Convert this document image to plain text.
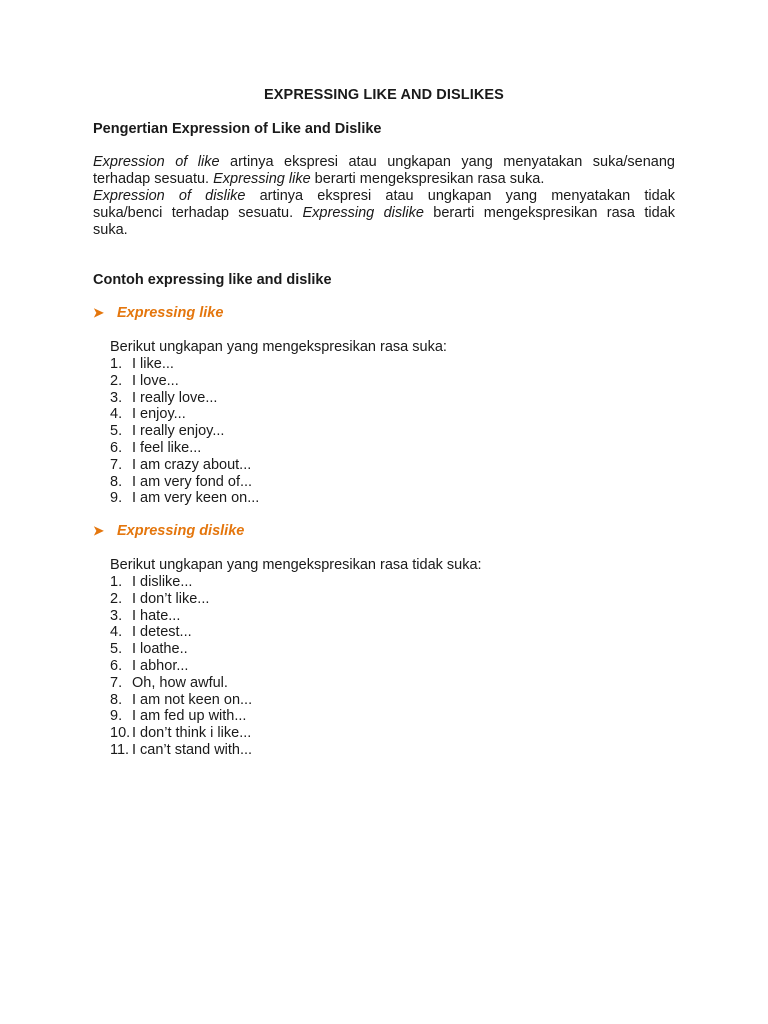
EXPRESSING LIKE AND DISLIKES
Pengertian Expression of Like and Dislike
Expression of like artinya ekspresi atau ungkapan yang menyatakan suka/senang
terhadap sesuatu. Expressing like berarti mengekspresikan rasa suka.
Expression of dislike artinya ekspresi atau ungkapan yang menyatakan tidak
suka/benci terhadap sesuatu. Expressing dislike berarti mengekspresikan rasa tidak
suka.
Contoh expressing like and dislike
➤ Expressing like
Berikut ungkapan yang mengekspresikan rasa suka:
1. I like...
2. I love...
3. I really love...
4. I enjoy...
5. I really enjoy...
6. I feel like...
7. I am crazy about...
8. I am very fond of...
9. I am very keen on...
➤ Expressing dislike
Berikut ungkapan yang mengekspresikan rasa tidak suka:
1. I dislike...
2. I don’t like...
3. I hate...
4. I detest...
5. I loathe..
6. I abhor...
7. Oh, how awful.
8. I am not keen on...
9. I am fed up with...
10. I don’t think i like...
11. I can’t stand with...
